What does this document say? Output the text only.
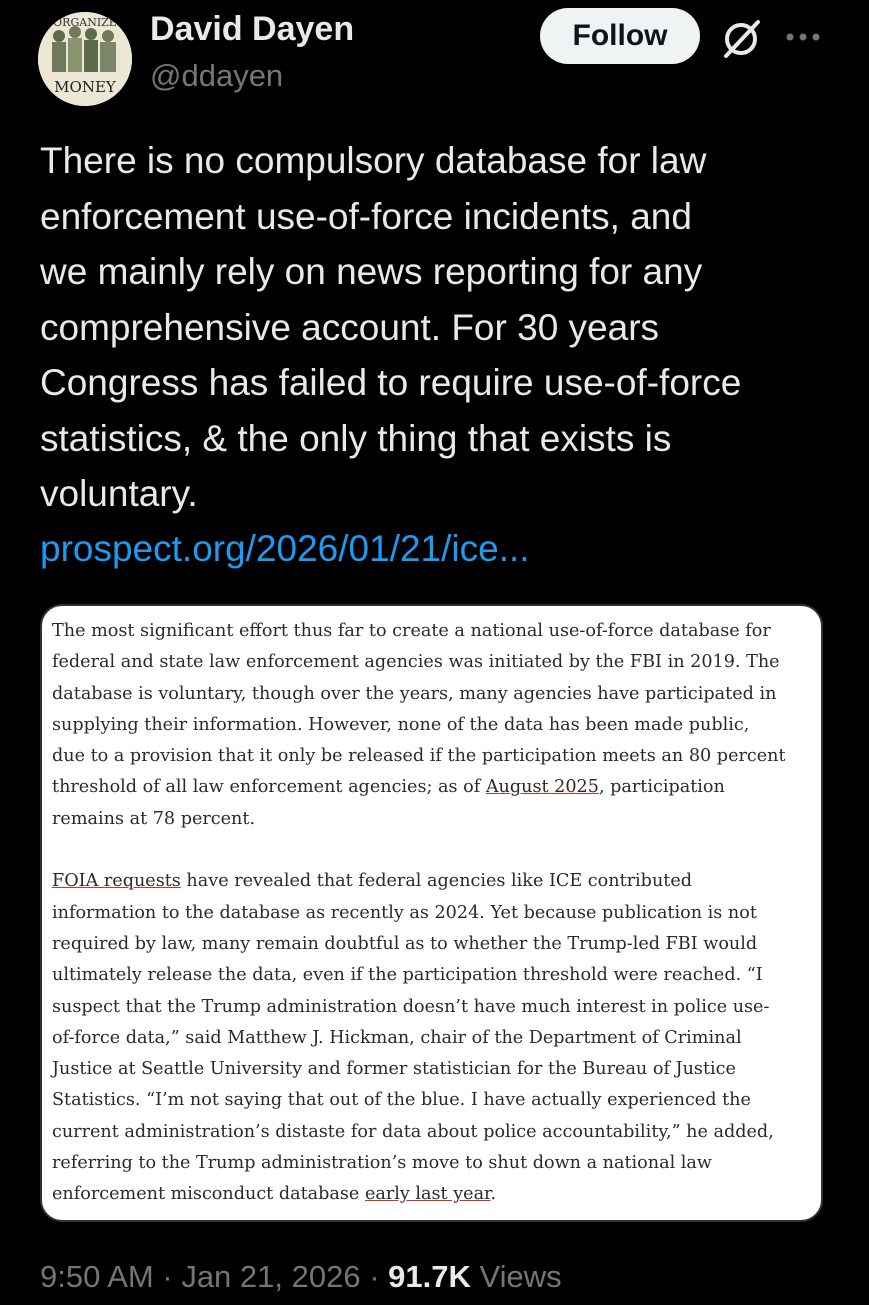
ORGANIZE
MONEY
David Dayen
@ddayen
Follow
There is no compulsory database for law
enforcement use-of-force incidents, and
we mainly rely on news reporting for any
comprehensive account. For 30 years
Congress has failed to require use-of-force
statistics, & the only thing that exists is
voluntary.
prospect.org/2026/01/21/ice...
The most significant effort thus far to create a national use-of-force database for
federal and state law enforcement agencies was initiated by the FBI in 2019. The
database is voluntary, though over the years, many agencies have participated in
supplying their information. However, none of the data has been made public,
due to a provision that it only be released if the participation meets an 80 percent
threshold of all law enforcement agencies; as of August 2025, participation
remains at 78 percent.
FOIA requests have revealed that federal agencies like ICE contributed
information to the database as recently as 2024. Yet because publication is not
required by law, many remain doubtful as to whether the Trump-led FBI would
ultimately release the data, even if the participation threshold were reached. “I
suspect that the Trump administration doesn’t have much interest in police use-
of-force data,” said Matthew J. Hickman, chair of the Department of Criminal
Justice at Seattle University and former statistician for the Bureau of Justice
Statistics. “I’m not saying that out of the blue. I have actually experienced the
current administration’s distaste for data about police accountability,” he added,
referring to the Trump administration’s move to shut down a national law
enforcement misconduct database early last year.
9:50 AM · Jan 21, 2026 · 91.7K Views
